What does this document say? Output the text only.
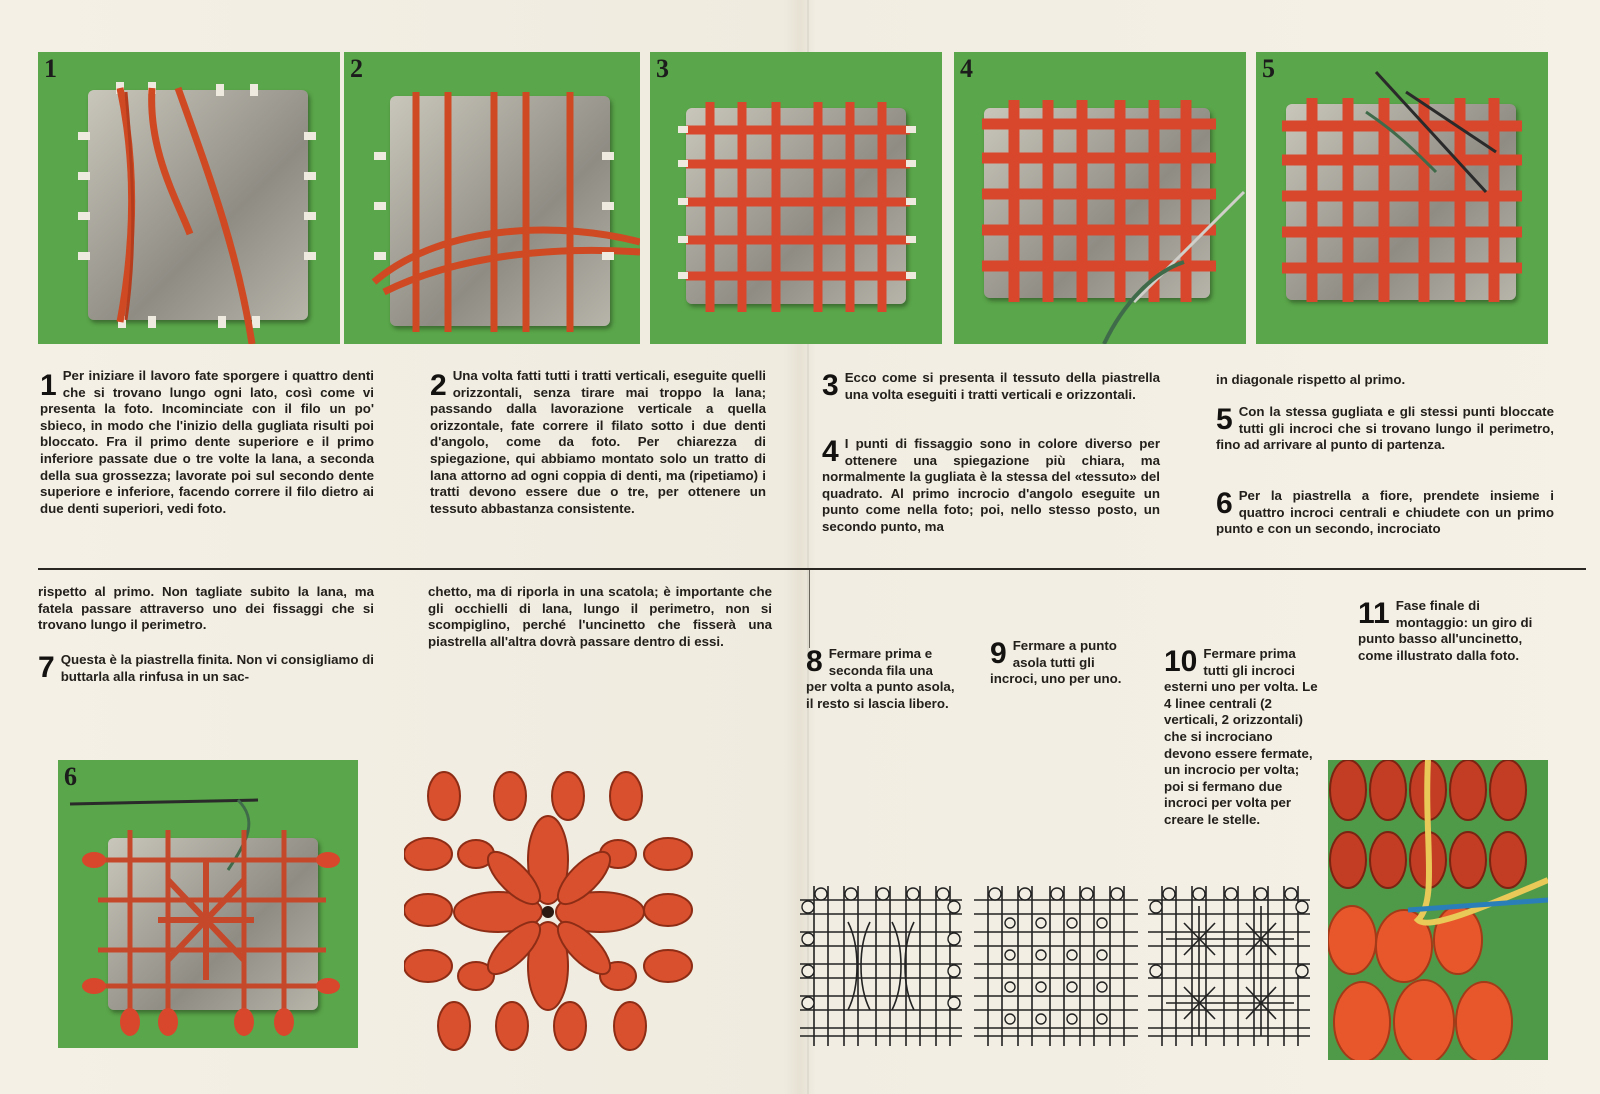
1	2	3	4	5
1 Per iniziare il lavoro fate sporgere i quattro denti che si trovano lungo ogni lato, così come vi presenta la foto. Incominciate con il filo un po' sbieco, in modo che l'inizio della gugliata risulti poi bloccato. Fra il primo dente superiore e il primo inferiore passate due o tre volte la lana, a seconda della sua grossezza; lavorate poi sul secondo dente superiore e inferiore, facendo correre il filo dietro ai due denti superiori, vedi foto.

2 Una volta fatti tutti i tratti verticali, eseguite quelli orizzontali, senza tirare mai troppo la lana; passando dalla lavorazione verticale a quella orizzontale, fate correre il filato sotto i due denti d'angolo, come da foto. Per chiarezza di spiegazione, qui abbiamo montato solo un tratto di lana attorno ad ogni coppia di denti, ma (ripetiamo) i tratti devono essere due o tre, per ottenere un tessuto abbastanza consistente.

3 Ecco come si presenta il tessuto della piastrella una volta eseguiti i tratti verticali e orizzontali.

4 I punti di fissaggio sono in colore diverso per ottenere una spiegazione più chiara, ma normalmente la gugliata è la stessa del «tessuto» del quadrato. Al primo incrocio d'angolo eseguite un punto come nella foto; poi, nello stesso posto, un secondo punto, ma

in diagonale rispetto al primo.

5 Con la stessa gugliata e gli stessi punti bloccate tutti gli incroci che si trovano lungo il perimetro, fino ad arrivare al punto di partenza.

6 Per la piastrella a fiore, prendete insieme i quattro incroci centrali e chiudete con un primo punto e con un secondo, incrociato

rispetto al primo. Non tagliate subito la lana, ma fatela passare attraverso uno dei fissaggi che si trovano lungo il perimetro.

7 Questa è la piastrella finita. Non vi consigliamo di buttarla alla rinfusa in un sac-

chetto, ma di riporla in una scatola; è importante che gli occhielli di lana, lungo il perimetro, non si scompiglino, perché l'uncinetto che fisserà una piastrella all'altra dovrà passare dentro di essi.

8 Fermare prima e seconda fila una per volta a punto asola, il resto si lascia libero.

9 Fermare a punto asola tutti gli incroci, uno per uno.

10 Fermare prima tutti gli incroci esterni uno per volta. Le 4 linee centrali (2 verticali, 2 orizzontali) che si incrociano devono essere fermate, un incrocio per volta; poi si fermano due incroci per volta per creare le stelle.

11 Fase finale di montaggio: un giro di punto basso all'uncinetto, come illustrato dalla foto.

6
